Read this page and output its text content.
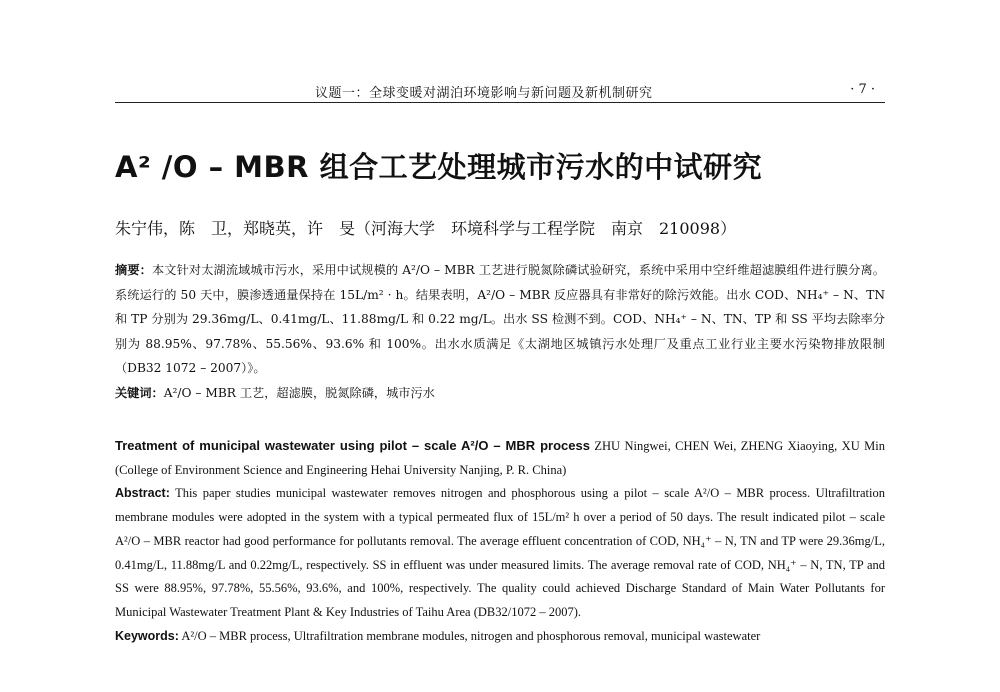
议题一：全球变暖对湖泊环境影响与新问题及新机制研究	· 7 ·
A² /O – MBR 组合工艺处理城市污水的中试研究
朱宁伟，陈　卫，郑晓英，许　旻（河海大学　环境科学与工程学院　南京　210098）
摘要：本文针对太湖流域城市污水，采用中试规模的 A²/O – MBR 工艺进行脱氮除磷试验研究，系统中采用中空纤维超滤膜组件进行膜分离。系统运行的 50 天中，膜渗透通量保持在 15L/m² · h。结果表明，A²/O – MBR 反应器具有非常好的除污效能。出水 COD、NH₄⁺ – N、TN 和 TP 分别为 29.36mg/L、0.41mg/L、11.88mg/L 和 0.22 mg/L。出水 SS 检测不到。COD、NH₄⁺ – N、TN、TP 和 SS 平均去除率分别为 88.95%、97.78%、55.56%、93.6% 和 100%。出水水质满足《太湖地区城镇污水处理厂及重点工业行业主要水污染物排放限制（DB32 1072 – 2007）》。
关键词：A²/O – MBR 工艺，超滤膜，脱氮除磷，城市污水

Treatment of municipal wastewater using pilot – scale A²/O – MBR process ZHU Ningwei, CHEN Wei, ZHENG Xiaoying, XU Min (College of Environment Science and Engineering Hehai University Nanjing, P. R. China)

Abstract: This paper studies municipal wastewater removes nitrogen and phosphorous using a pilot – scale A²/O – MBR process. Ultrafiltration membrane modules were adopted in the system with a typical permeated flux of 15L/m² h over a period of 50 days. The result indicated pilot – scale A²/O – MBR reactor had good performance for pollutants removal. The average effluent concentration of COD, NH₄⁺ – N, TN and TP were 29.36mg/L, 0.41mg/L, 11.88mg/L and 0.22mg/L, respectively. SS in effluent was under measured limits. The average removal rate of COD, NH₄⁺ – N, TN, TP and SS were 88.95%, 97.78%, 55.56%, 93.6%, and 100%, respectively. The quality could achieved Discharge Standard of Main Water Pollutants for Municipal Wastewater Treatment Plant & Key Industries of Taihu Area (DB32/1072 – 2007).

Keywords: A²/O – MBR process, Ultrafiltration membrane modules, nitrogen and phosphorous removal, municipal wastewater
